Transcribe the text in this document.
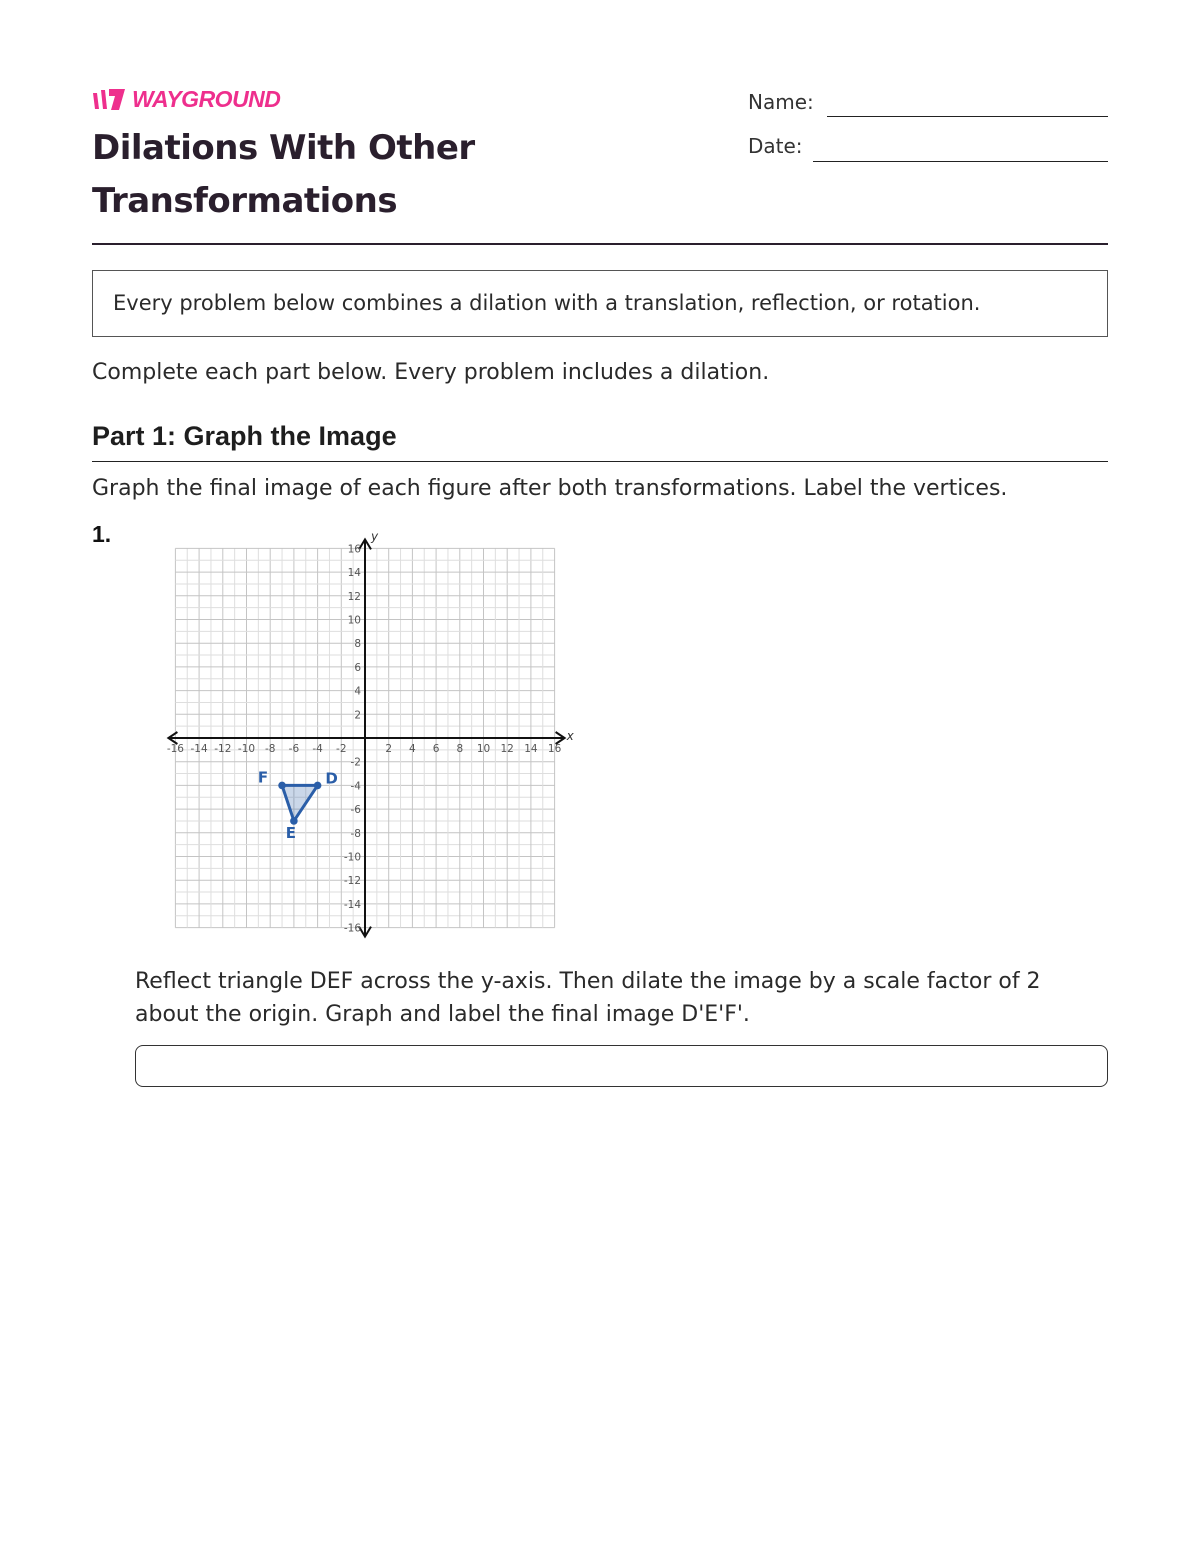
WAYGROUND
Dilations With Other
Transformations
Name:
Date:
Every problem below combines a dilation with a translation, reflection, or rotation.
Complete each part below. Every problem includes a dilation.
Part 1: Graph the Image
Graph the final image of each figure after both transformations. Label the vertices.
1.
x
y
-16
-16
-14
-14
-12
-12
-10
-10
-8
-8
-6
-6
-4
-4
-2
-2
2
2
4
4
6
6
8
8
10
10
12
12
14
14
16
16
D
E
F
Reflect triangle DEF across the y-axis. Then dilate the image by a scale factor of 2 about the origin. Graph and label the final image D'E'F'.
